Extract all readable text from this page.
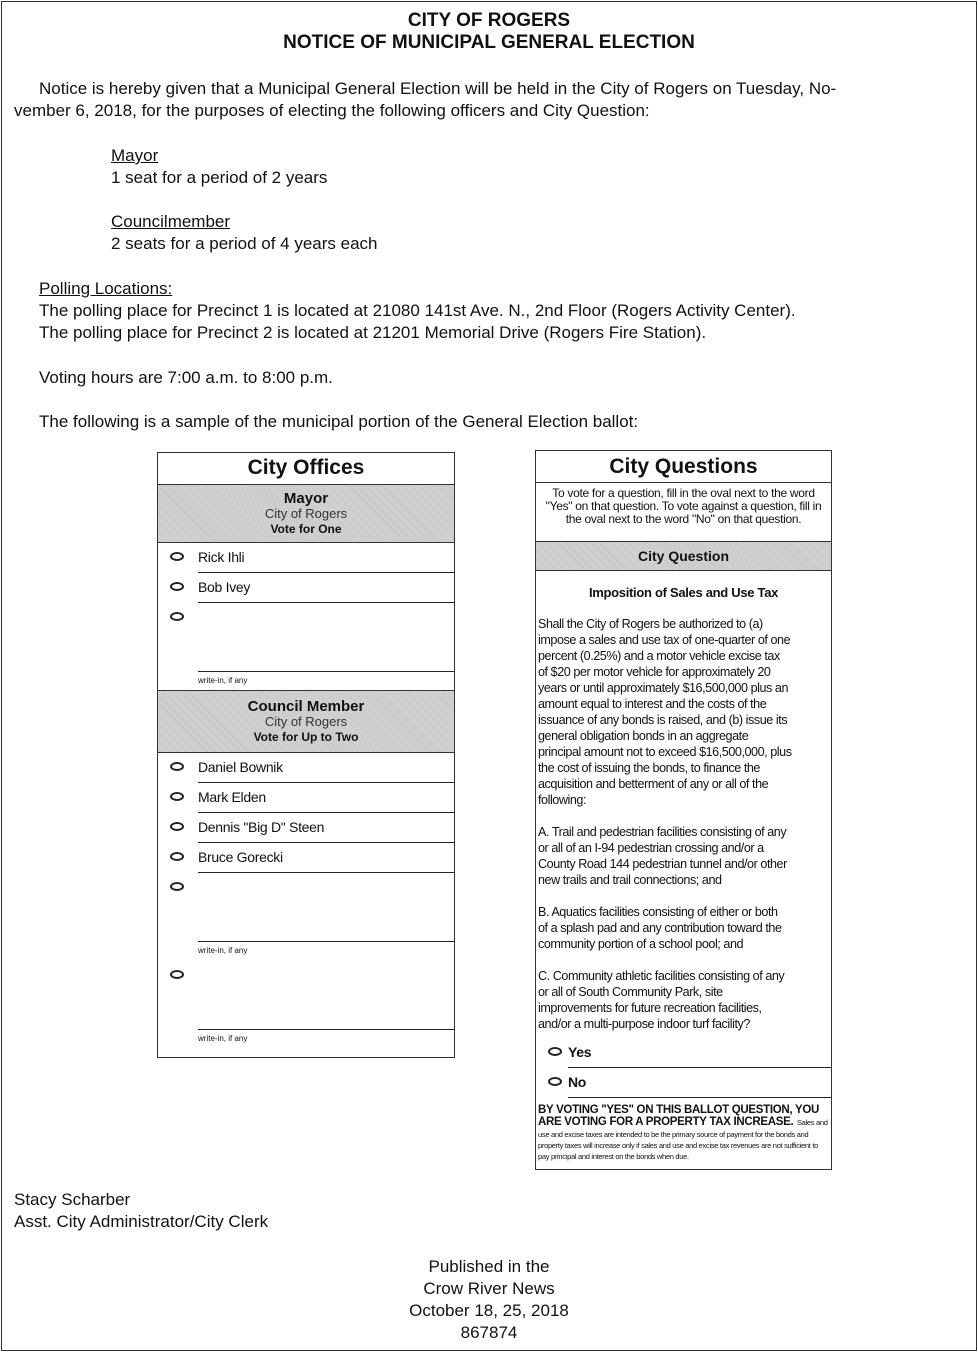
CITY OF ROGERS
NOTICE OF MUNICIPAL GENERAL ELECTION
Notice is hereby given that a Municipal General Election will be held in the City of Rogers on Tuesday, No-
vember 6, 2018, for the purposes of electing the following officers and City Question:
Mayor
1 seat for a period of 2 years
Councilmember
2 seats for a period of 4 years each
Polling Locations:
The polling place for Precinct 1 is located at 21080 141st Ave. N., 2nd Floor (Rogers Activity Center).
The polling place for Precinct 2 is located at 21201 Memorial Drive (Rogers Fire Station).
Voting hours are 7:00 a.m. to 8:00 p.m.
The following is a sample of the municipal portion of the General Election ballot:
City Offices
Mayor
City of Rogers
Vote for One
Rick Ihli
Bob Ivey
write-in, if any
Council Member
City of Rogers
Vote for Up to Two
Daniel Bownik
Mark Elden
Dennis "Big D" Steen
Bruce Gorecki
write-in, if any
write-in, if any
City Questions
To vote for a question, fill in the oval next to the word "Yes" on that question. To vote against a question, fill in the oval next to the word "No" on that question.
City Question
Imposition of Sales and Use Tax
Shall the City of Rogers be authorized to (a)
impose a sales and use tax of one-quarter of one
percent (0.25%) and a motor vehicle excise tax
of $20 per motor vehicle for approximately 20
years or until approximately $16,500,000 plus an
amount equal to interest and the costs of the
issuance of any bonds is raised, and (b) issue its
general obligation bonds in an aggregate
principal amount not to exceed $16,500,000, plus
the cost of issuing the bonds, to finance the
acquisition and betterment of any or all of the
following:
A. Trail and pedestrian facilities consisting of any
or all of an I-94 pedestrian crossing and/or a
County Road 144 pedestrian tunnel and/or other
new trails and trail connections; and
B. Aquatics facilities consisting of either or both
of a splash pad and any contribution toward the
community portion of a school pool; and
C. Community athletic facilities consisting of any
or all of South Community Park, site
improvements for future recreation facilities,
and/or a multi-purpose indoor turf facility?
Yes
No
BY VOTING "YES" ON THIS BALLOT QUESTION, YOU ARE VOTING FOR A PROPERTY TAX INCREASE. Sales and use and excise taxes are intended to be the primary source of payment for the bonds and property taxes will increase only if sales and use and excise tax revenues are not sufficient to pay principal and interest on the bonds when due.
Stacy Scharber
Asst. City Administrator/City Clerk
Published in the
Crow River News
October 18, 25, 2018
867874
